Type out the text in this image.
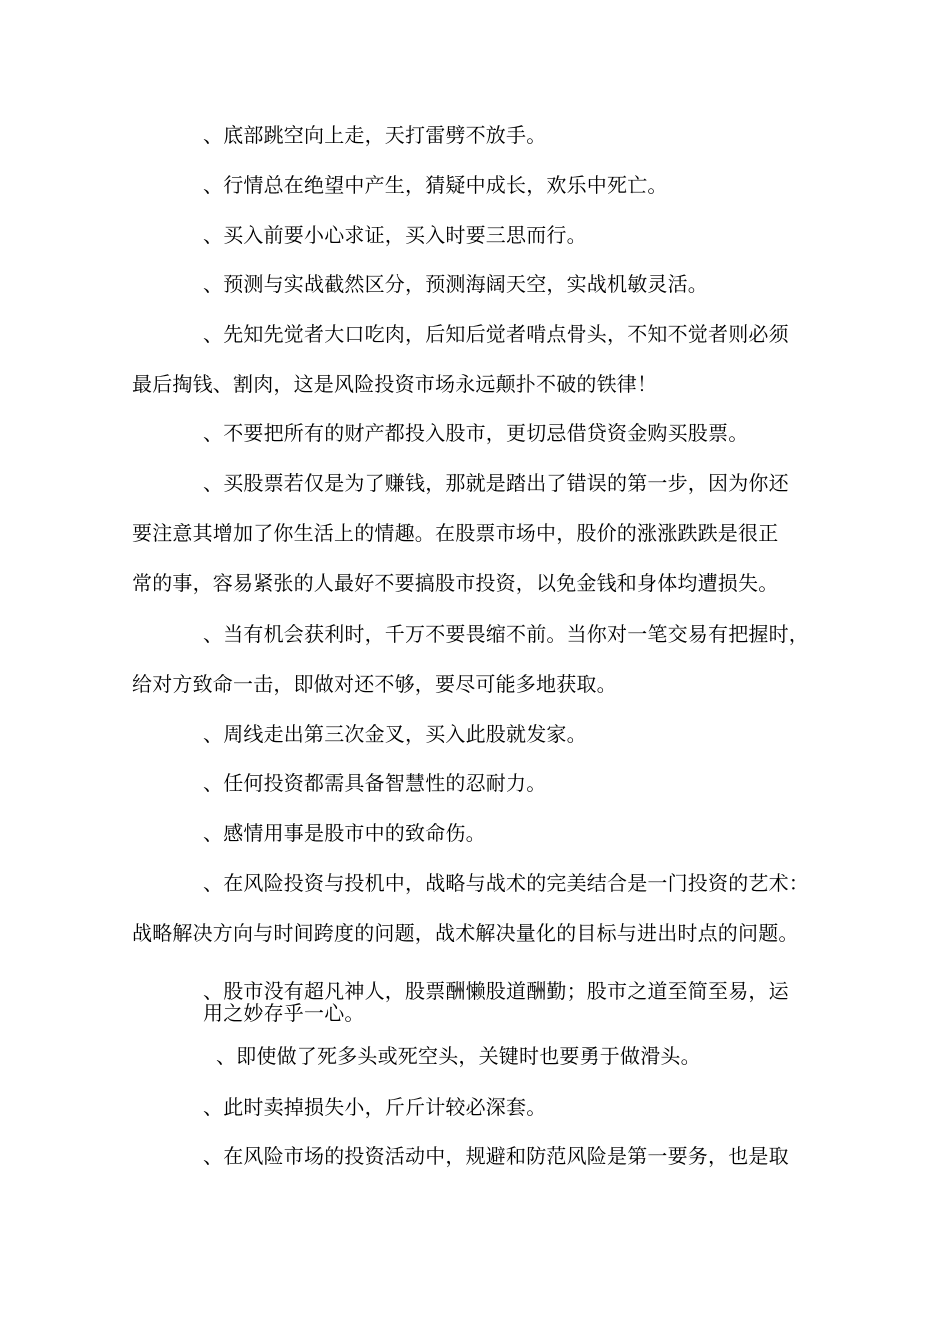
、底部跳空向上走，天打雷劈不放手。
、行情总在绝望中产生，猜疑中成长，欢乐中死亡。
、买入前要小心求证，买入时要三思而行。
、预测与实战截然区分，预测海阔天空，实战机敏灵活。
、先知先觉者大口吃肉，后知后觉者啃点骨头，不知不觉者则必须
最后掏钱、割肉，这是风险投资市场永远颠扑不破的铁律！
、不要把所有的财产都投入股市，更切忌借贷资金购买股票。
、买股票若仅是为了赚钱，那就是踏出了错误的第一步，因为你还
要注意其增加了你生活上的情趣。在股票市场中，股价的涨涨跌跌是很正
常的事，容易紧张的人最好不要搞股市投资，以免金钱和身体均遭损失。
、当有机会获利时，千万不要畏缩不前。当你对一笔交易有把握时，
给对方致命一击，即做对还不够，要尽可能多地获取。
、周线走出第三次金叉，买入此股就发家。
、任何投资都需具备智慧性的忍耐力。
、感情用事是股市中的致命伤。
、在风险投资与投机中，战略与战术的完美结合是一门投资的艺术：
战略解决方向与时间跨度的问题，战术解决量化的目标与进出时点的问题。
、股市没有超凡神人，股票酬懒股道酬勤；股市之道至简至易，运
用之妙存乎一心。
、即使做了死多头或死空头，关键时也要勇于做滑头。
、此时卖掉损失小，斤斤计较必深套。
、在风险市场的投资活动中，规避和防范风险是第一要务，也是取
